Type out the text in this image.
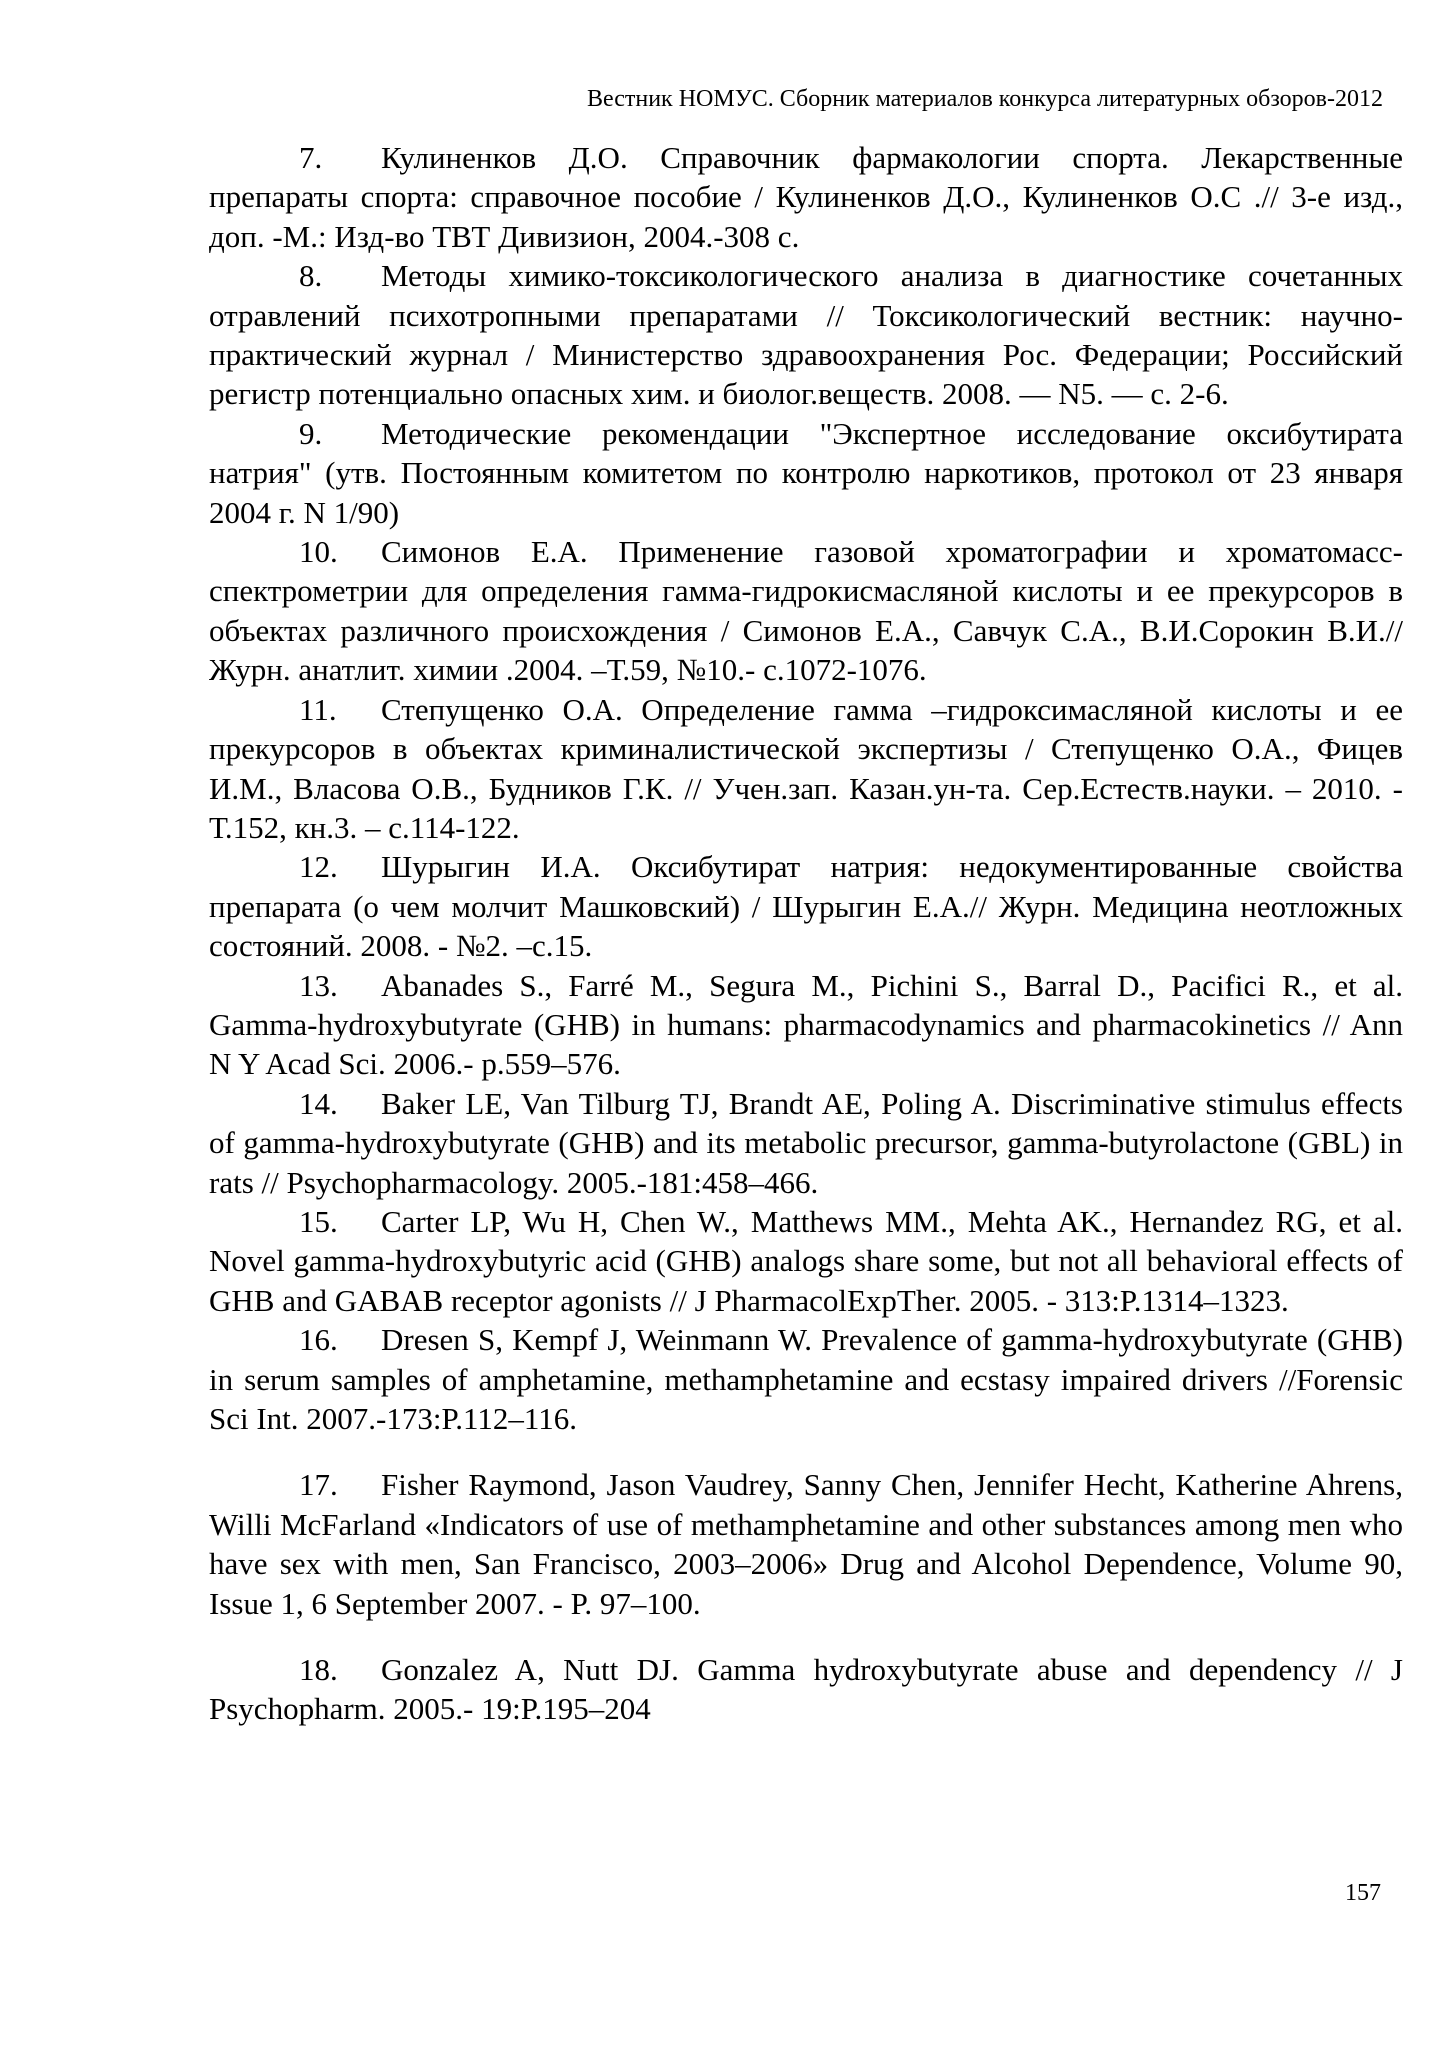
Вестник НОМУС. Сборник материалов конкурса литературных обзоров-2012
7. Кулиненков Д.О. Справочник фармакологии спорта. Лекарственные препараты спорта: справочное пособие / Кулиненков Д.О., Кулиненков О.С .// 3-е изд., доп. -М.: Изд-во ТВТ Дивизион, 2004.-308 с.
8. Методы химико-токсикологического анализа в диагностике сочетанных отравлений психотропными препаратами // Токсикологический вестник: научно-практический журнал / Министерство здравоохранения Рос. Федерации; Российский регистр потенциально опасных хим. и биолог.веществ. 2008. — N5. — с. 2-6.
9. Методические рекомендации "Экспертное исследование оксибутирата натрия" (утв. Постоянным комитетом по контролю наркотиков, протокол от 23 января 2004 г. N 1/90)
10. Симонов Е.А. Применение газовой хроматографии и хроматомасс-спектрометрии для определения гамма-гидрокисмасляной кислоты и ее прекурсоров в объектах различного происхождения / Симонов Е.А., Савчук С.А., В.И.Сорокин В.И.// Журн. анатлит. химии .2004. –Т.59, №10.- с.1072-1076.
11. Степущенко О.А. Определение гамма –гидроксимасляной кислоты и ее прекурсоров в объектах криминалистической экспертизы / Степущенко О.А., Фицев И.М., Власова О.В., Будников Г.К. // Учен.зап. Казан.ун-та. Сер.Естеств.науки. – 2010. - Т.152, кн.3. – с.114-122.
12. Шурыгин И.А. Оксибутират натрия: недокументированные свойства препарата (о чем молчит Машковский) / Шурыгин Е.А.// Журн. Медицина неотложных состояний. 2008. - №2. –с.15.
13. Abanades S., Farré M., Segura M., Pichini S., Barral D., Pacifici R., et al. Gamma-hydroxybutyrate (GHB) in humans: pharmacodynamics and pharmacokinetics // Ann N Y Acad Sci. 2006.- p.559–576.
14. Baker LE, Van Tilburg TJ, Brandt AE, Poling A. Discriminative stimulus effects of gamma-hydroxybutyrate (GHB) and its metabolic precursor, gamma-butyrolactone (GBL) in rats // Psychopharmacology. 2005.-181:458–466.
15. Carter LP, Wu H, Chen W., Matthews MM., Mehta AK., Hernandez RG, et al. Novel gamma-hydroxybutyric acid (GHB) analogs share some, but not all behavioral effects of GHB and GABAB receptor agonists // J PharmacolExpTher. 2005. - 313:P.1314–1323.
16. Dresen S, Kempf J, Weinmann W. Prevalence of gamma-hydroxybutyrate (GHB) in serum samples of amphetamine, methamphetamine and ecstasy impaired drivers //Forensic Sci Int. 2007.-173:P.112–116.
17. Fisher Raymond, Jason Vaudrey, Sanny Chen, Jennifer Hecht, Katherine Ahrens, Willi McFarland «Indicators of use of methamphetamine and other substances among men who have sex with men, San Francisco, 2003–2006» Drug and Alcohol Dependence, Volume 90, Issue 1, 6 September 2007. - P. 97–100.
18. Gonzalez A, Nutt DJ. Gamma hydroxybutyrate abuse and dependency // J Psychopharm. 2005.- 19:P.195–204
157
